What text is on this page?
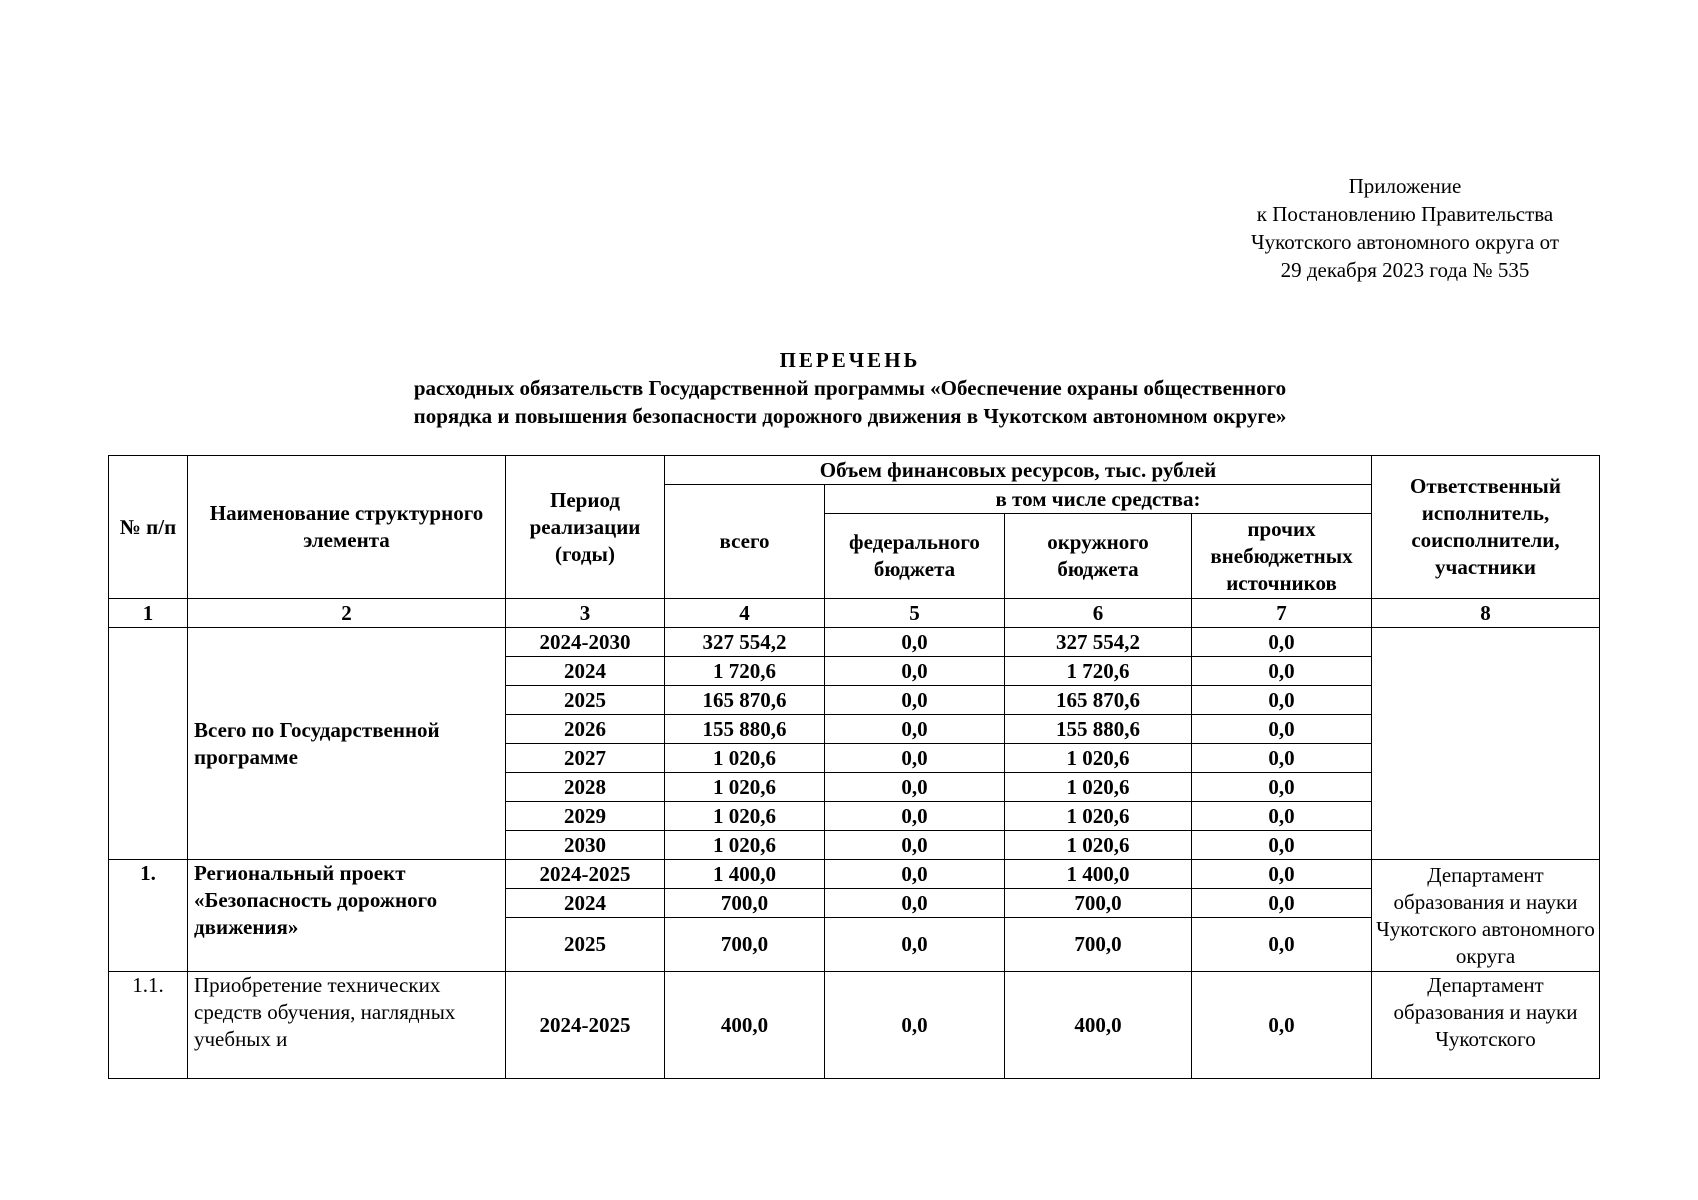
Приложение
к Постановлению Правительства
Чукотского автономного округа от
29 декабря 2023 года № 535
ПЕРЕЧЕНЬ
расходных обязательств Государственной программы «Обеспечение охраны общественного
порядка и повышения безопасности дорожного движения в Чукотском автономном округе»
№ п/п	Наименование структурного элемента	Период реализации (годы)	Объем финансовых ресурсов, тыс. рублей				Ответственный исполнитель, соисполнители, участники
			всего	в том числе средства:			
				федерального бюджета	окружного бюджета	прочих внебюджетных источников	
1	2	3	4	5	6	7	8
	Всего по Государственной программе	2024-2030	327 554,2	0,0	327 554,2	0,0	
		2024	1 720,6	0,0	1 720,6	0,0	
		2025	165 870,6	0,0	165 870,6	0,0	
		2026	155 880,6	0,0	155 880,6	0,0	
		2027	1 020,6	0,0	1 020,6	0,0	
		2028	1 020,6	0,0	1 020,6	0,0	
		2029	1 020,6	0,0	1 020,6	0,0	
		2030	1 020,6	0,0	1 020,6	0,0	
1.	Региональный проект «Безопасность дорожного движения»	2024-2025	1 400,0	0,0	1 400,0	0,0	Департамент образования и науки Чукотского автономного округа
		2024	700,0	0,0	700,0	0,0	
		2025	700,0	0,0	700,0	0,0	
1.1.	Приобретение технических средств обучения, наглядных учебных и	2024-2025	400,0	0,0	400,0	0,0	Департамент образования и науки Чукотского
